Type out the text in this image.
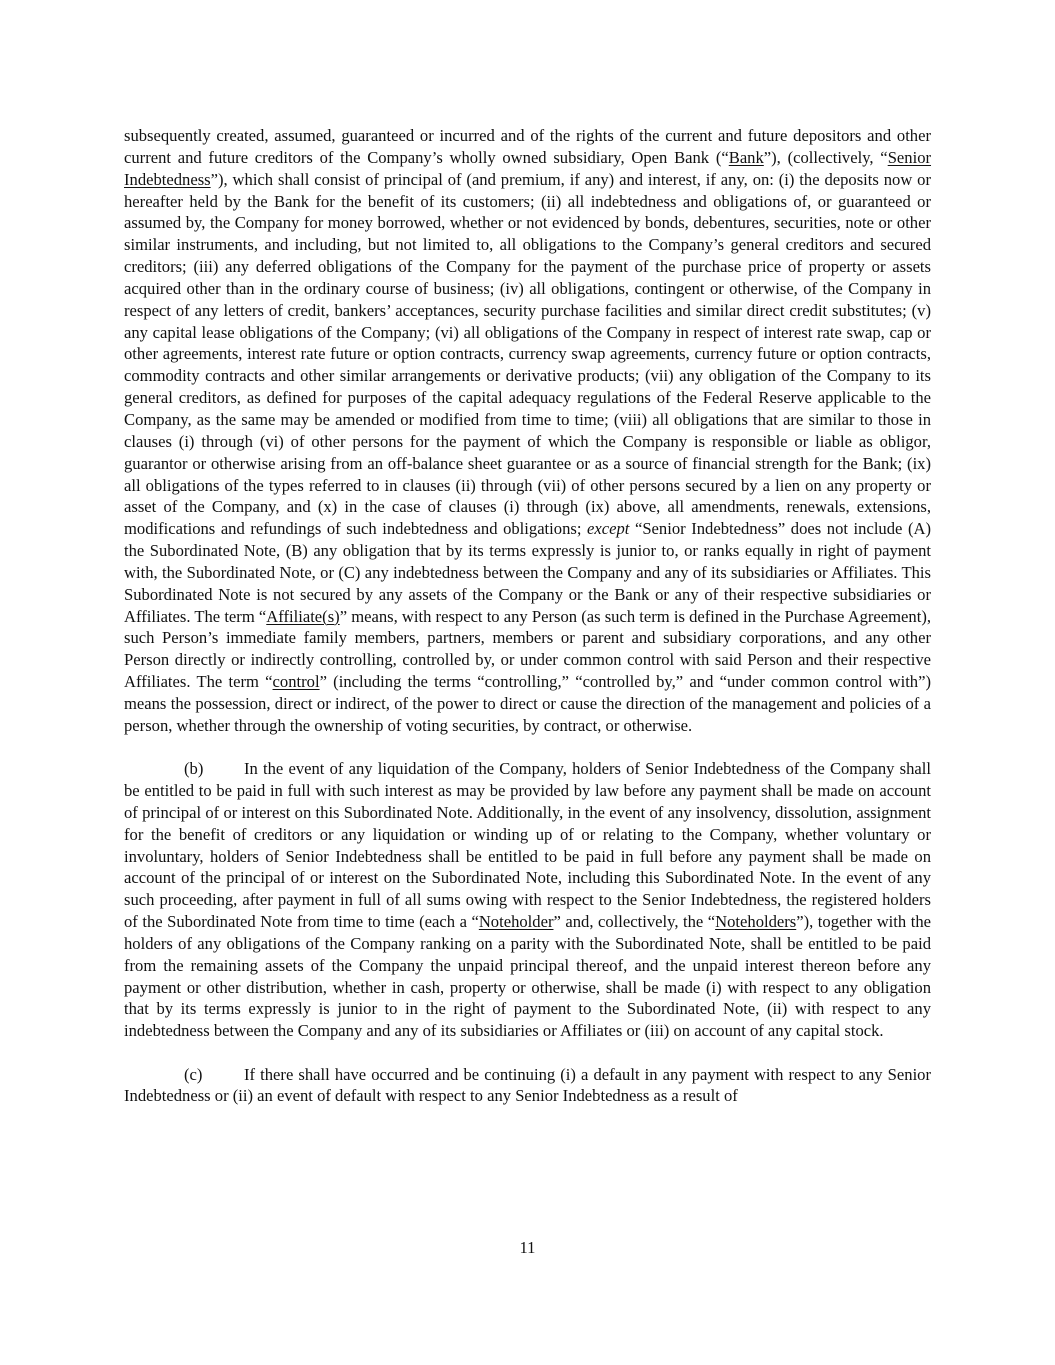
subsequently created, assumed, guaranteed or incurred and of the rights of the current and future depositors and other current and future creditors of the Company’s wholly owned subsidiary, Open Bank (“Bank”), (collectively, “Senior Indebtedness”), which shall consist of principal of (and premium, if any) and interest, if any, on: (i) the deposits now or hereafter held by the Bank for the benefit of its customers; (ii) all indebtedness and obligations of, or guaranteed or assumed by, the Company for money borrowed, whether or not evidenced by bonds, debentures, securities, note or other similar instruments, and including, but not limited to, all obligations to the Company’s general creditors and secured creditors; (iii) any deferred obligations of the Company for the payment of the purchase price of property or assets acquired other than in the ordinary course of business; (iv) all obligations, contingent or otherwise, of the Company in respect of any letters of credit, bankers’ acceptances, security purchase facilities and similar direct credit substitutes; (v) any capital lease obligations of the Company; (vi) all obligations of the Company in respect of interest rate swap, cap or other agreements, interest rate future or option contracts, currency swap agreements, currency future or option contracts, commodity contracts and other similar arrangements or derivative products; (vii) any obligation of the Company to its general creditors, as defined for purposes of the capital adequacy regulations of the Federal Reserve applicable to the Company, as the same may be amended or modified from time to time; (viii) all obligations that are similar to those in clauses (i) through (vi) of other persons for the payment of which the Company is responsible or liable as obligor, guarantor or otherwise arising from an off-balance sheet guarantee or as a source of financial strength for the Bank; (ix) all obligations of the types referred to in clauses (ii) through (vii) of other persons secured by a lien on any property or asset of the Company, and (x) in the case of clauses (i) through (ix) above, all amendments, renewals, extensions, modifications and refundings of such indebtedness and obligations; except “Senior Indebtedness” does not include (A) the Subordinated Note, (B) any obligation that by its terms expressly is junior to, or ranks equally in right of payment with, the Subordinated Note, or (C) any indebtedness between the Company and any of its subsidiaries or Affiliates. This Subordinated Note is not secured by any assets of the Company or the Bank or any of their respective subsidiaries or Affiliates. The term “Affiliate(s)” means, with respect to any Person (as such term is defined in the Purchase Agreement), such Person’s immediate family members, partners, members or parent and subsidiary corporations, and any other Person directly or indirectly controlling, controlled by, or under common control with said Person and their respective Affiliates. The term “control” (including the terms “controlling,” “controlled by,” and “under common control with”) means the possession, direct or indirect, of the power to direct or cause the direction of the management and policies of a person, whether through the ownership of voting securities, by contract, or otherwise.

(b) In the event of any liquidation of the Company, holders of Senior Indebtedness of the Company shall be entitled to be paid in full with such interest as may be provided by law before any payment shall be made on account of principal of or interest on this Subordinated Note. Additionally, in the event of any insolvency, dissolution, assignment for the benefit of creditors or any liquidation or winding up of or relating to the Company, whether voluntary or involuntary, holders of Senior Indebtedness shall be entitled to be paid in full before any payment shall be made on account of the principal of or interest on the Subordinated Note, including this Subordinated Note. In the event of any such proceeding, after payment in full of all sums owing with respect to the Senior Indebtedness, the registered holders of the Subordinated Note from time to time (each a “Noteholder” and, collectively, the “Noteholders”), together with the holders of any obligations of the Company ranking on a parity with the Subordinated Note, shall be entitled to be paid from the remaining assets of the Company the unpaid principal thereof, and the unpaid interest thereon before any payment or other distribution, whether in cash, property or otherwise, shall be made (i) with respect to any obligation that by its terms expressly is junior to in the right of payment to the Subordinated Note, (ii) with respect to any indebtedness between the Company and any of its subsidiaries or Affiliates or (iii) on account of any capital stock.

(c)	If there shall have occurred and be continuing (i) a default in any payment with respect to any Senior Indebtedness or (ii) an event of default with respect to any Senior Indebtedness as a result of

11
